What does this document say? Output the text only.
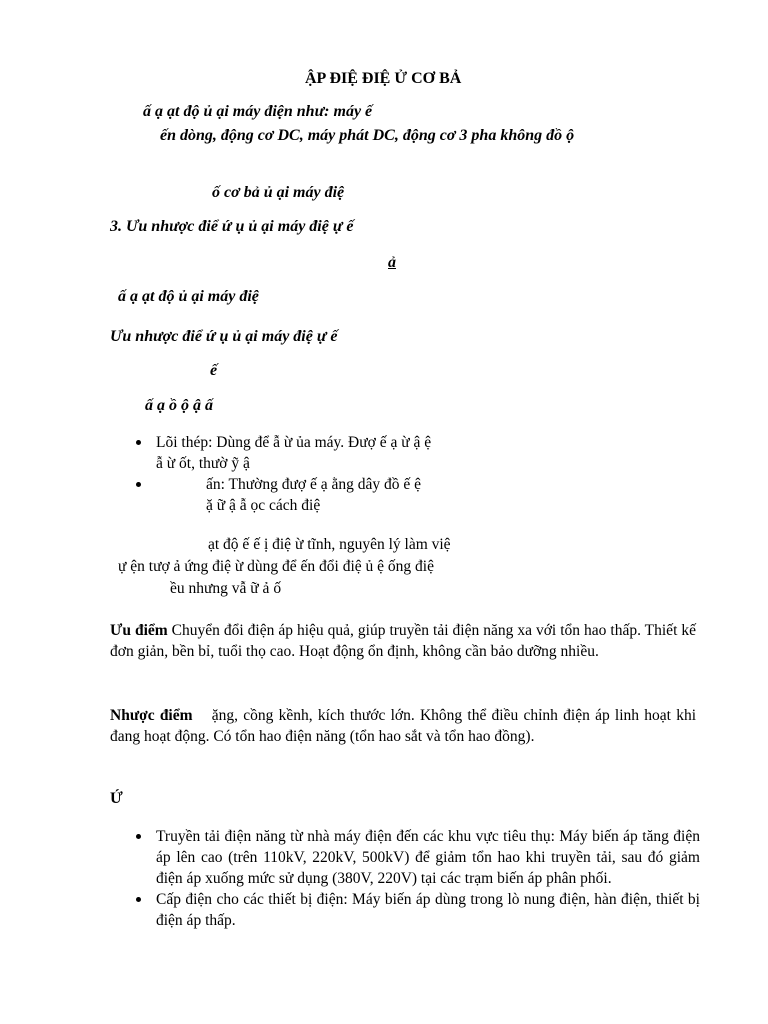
ẬP ĐIỆ ĐIỆ Ử CƠ BẢ
ấ ạ ạt độ ủ ại máy điện như: máy ế
ến dòng, động cơ DC, máy phát DC, động cơ 3 pha không đồ ộ
ố cơ bả ủ ại máy điệ
3. Ưu nhược điể ứ ụ ủ ại máy điệ ự ế
ả
ấ ạ ạt độ ủ ại máy điệ
Ưu nhược điể ứ ụ ủ ại máy điệ ự ế
ế
ấ ạ ồ ộ ậ ấ
Lõi thép: Dùng để ẫ ừ ủa máy. Đượ ế ạ ừ ậ ệ
ẫ ừ ốt, thườ ỹ ậ
ấn: Thường đượ ế ạ ằng dây đồ ế ệ
ặ ữ ậ ẫ ọc cách điệ
ạt độ ế ế ị điệ ừ tĩnh, nguyên lý làm việ
ự ện tượ ả ứng điệ ừ dùng để ến đổi điệ ủ ệ ống điệ
ều nhưng vẫ ữ ả ố
Ưu điểm Chuyển đổi điện áp hiệu quả, giúp truyền tải điện năng xa với tổn hao thấp. Thiết kế đơn giản, bền bỉ, tuổi thọ cao. Hoạt động ổn định, không cần bảo dưỡng nhiều.
Nhược điểm ặng, cồng kềnh, kích thước lớn. Không thể điều chỉnh điện áp linh hoạt khi đang hoạt động. Có tổn hao điện năng (tổn hao sắt và tổn hao đồng).
Ứ
Truyền tải điện năng từ nhà máy điện đến các khu vực tiêu thụ: Máy biến áp tăng điện áp lên cao (trên 110kV, 220kV, 500kV) để giảm tổn hao khi truyền tải, sau đó giảm điện áp xuống mức sử dụng (380V, 220V) tại các trạm biến áp phân phối.
Cấp điện cho các thiết bị điện: Máy biến áp dùng trong lò nung điện, hàn điện, thiết bị điện áp thấp.
